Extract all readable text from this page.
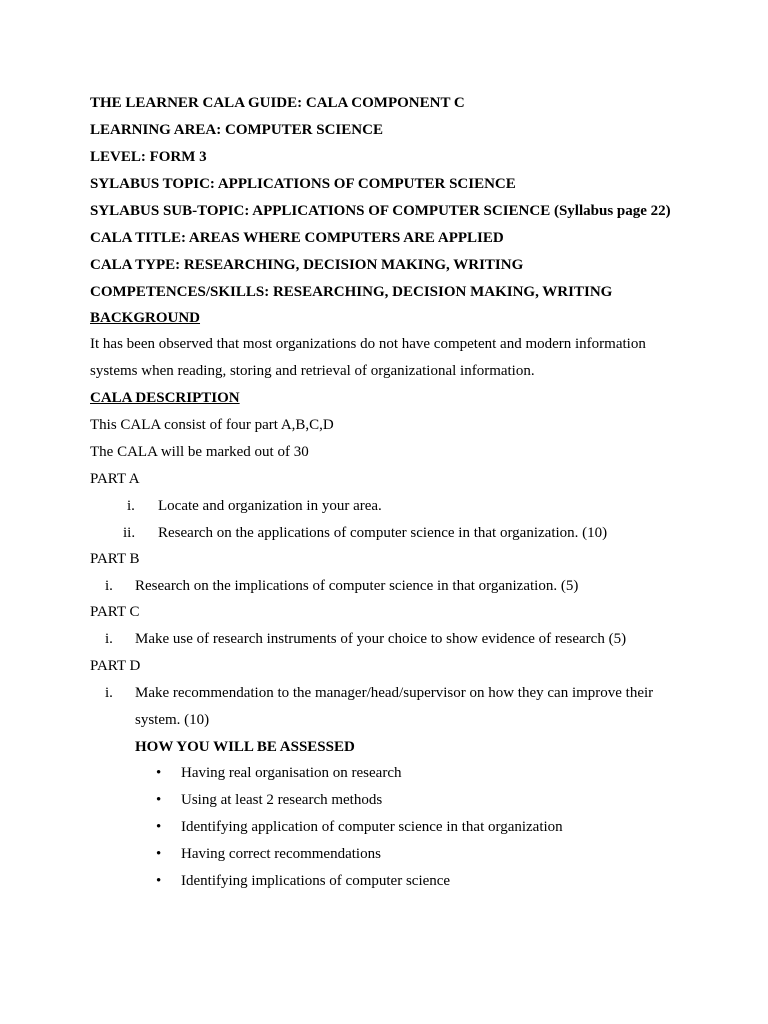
THE LEARNER CALA GUIDE: CALA COMPONENT C
LEARNING AREA: COMPUTER SCIENCE
LEVEL: FORM 3
SYLABUS TOPIC: APPLICATIONS OF COMPUTER SCIENCE
SYLABUS SUB-TOPIC: APPLICATIONS OF COMPUTER SCIENCE (Syllabus page 22)
CALA TITLE: AREAS WHERE COMPUTERS ARE APPLIED
CALA TYPE: RESEARCHING, DECISION MAKING, WRITING
COMPETENCES/SKILLS: RESEARCHING, DECISION MAKING, WRITING
BACKGROUND
It has been observed that most organizations do not have competent and modern information
systems when reading, storing and retrieval of organizational information.
CALA DESCRIPTION
This CALA consist of four part A,B,C,D
The CALA will be marked out of 30
PART A
i. Locate and organization in your area.
ii. Research on the applications of computer science in that organization. (10)
PART B
i. Research on the implications of computer science in that organization. (5)
PART C
i. Make use of research instruments of your choice to show evidence of research (5)
PART D
i. Make recommendation to the manager/head/supervisor on how they can improve their
system. (10)
HOW YOU WILL BE ASSESSED
• Having real organisation on research
• Using at least 2 research methods
• Identifying application of computer science in that organization
• Having correct recommendations
• Identifying implications of computer science
